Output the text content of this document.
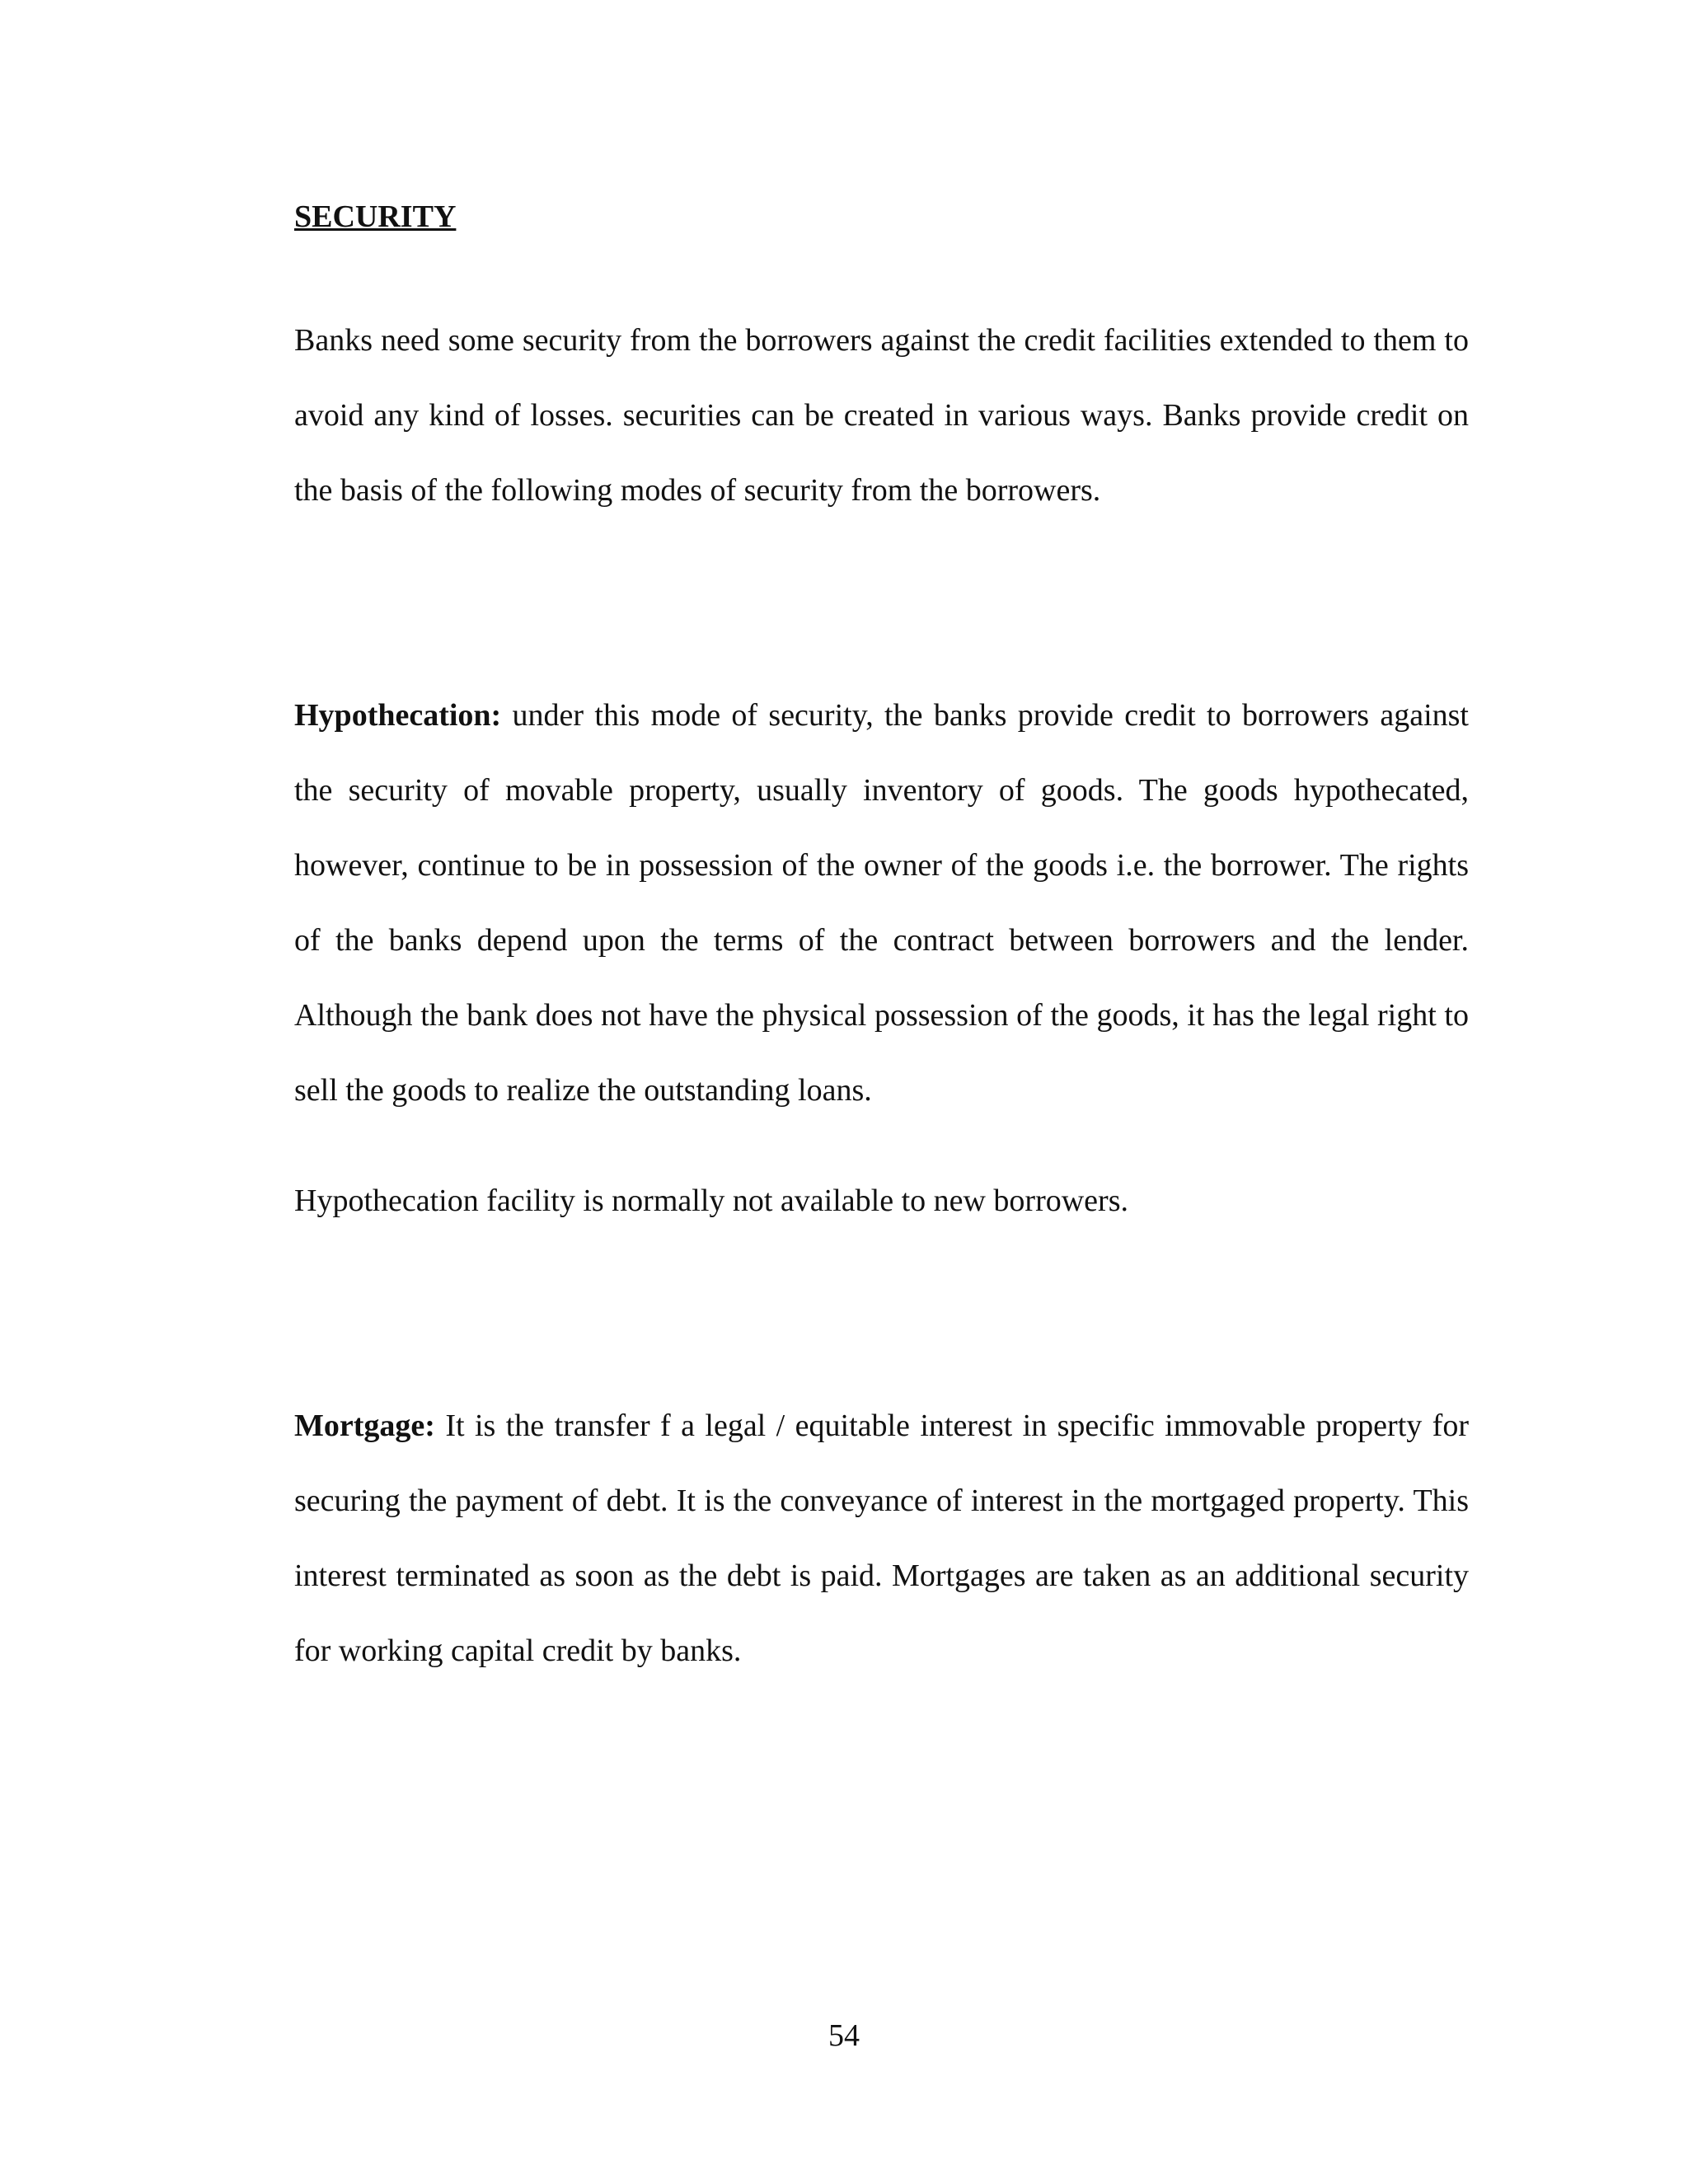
SECURITY

Banks need some security from the borrowers against the credit facilities extended to them to avoid any kind of losses. securities can be created in various ways. Banks provide credit on the basis of the following modes of security from the borrowers.

Hypothecation: under this mode of security, the banks provide credit to borrowers against the security of movable property, usually inventory of goods. The goods hypothecated, however, continue to be in possession of the owner of the goods i.e. the borrower. The rights of the banks depend upon the terms of the contract between borrowers and the lender. Although the bank does not have the physical possession of the goods, it has the legal right to sell the goods to realize the outstanding loans.

Hypothecation facility is normally not available to new borrowers.

Mortgage: It is the transfer f a legal / equitable interest in specific immovable property for securing the payment of debt. It is the conveyance of interest in the mortgaged property. This interest terminated as soon as the debt is paid. Mortgages are taken as an additional security for working capital credit by banks.

54
